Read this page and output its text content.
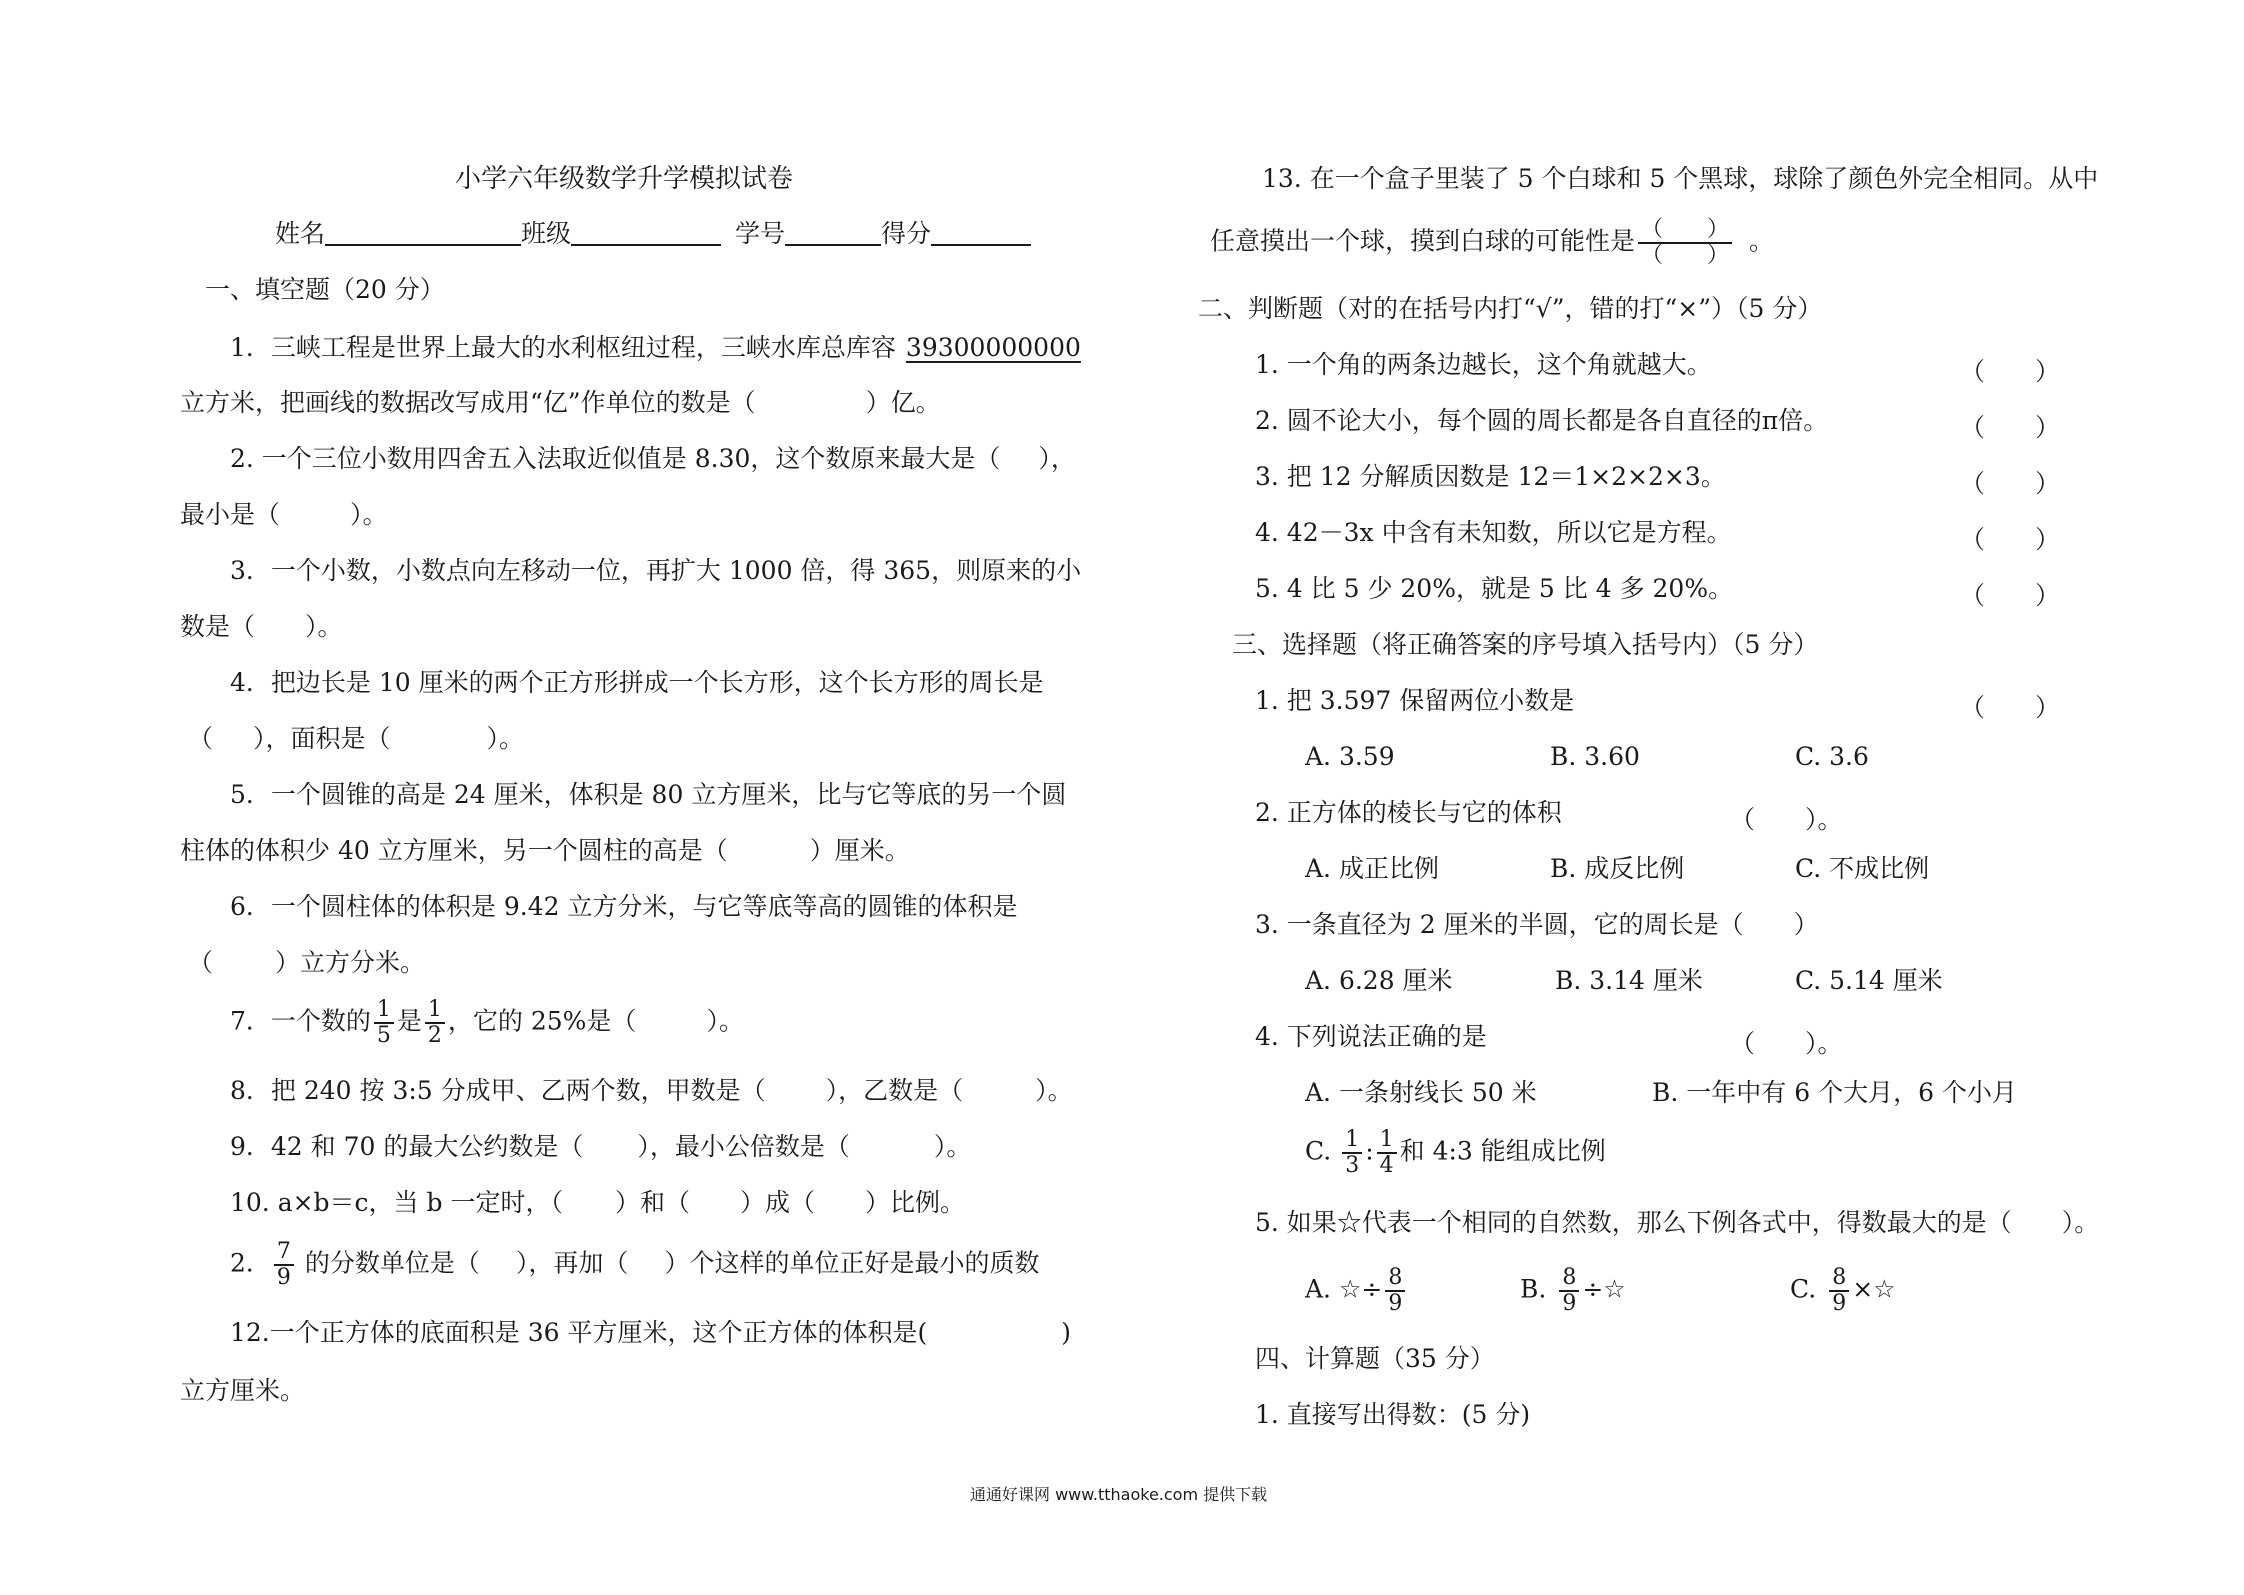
小学六年级数学升学模拟试卷
姓名	班级	学号	得分
一、填空题（20 分）
1．三峡工程是世界上最大的水利枢纽过程，三峡水库总库容 39300000000
立方米，把画线的数据改写成用“亿”作单位的数是（	）亿。
2. 一个三位小数用四舍五入法取近似值是 8.30，这个数原来最大是（ ），
最小是（	）。
3．一个小数，小数点向左移动一位，再扩大 1000 倍，得 365，则原来的小
数是（ ）。
4．把边长是 10 厘米的两个正方形拼成一个长方形，这个长方形的周长是
（ ），面积是（	）。
5．一个圆锥的高是 24 厘米，体积是 80 立方厘米，比与它等底的另一个圆
柱体的体积少 40 立方厘米，另一个圆柱的高是（	）厘米。
6．一个圆柱体的体积是 9.42 立方分米，与它等底等高的圆锥的体积是
（ ）立方分米。
7．一个数的 $\frac{1}{5}$ 是 $\frac{1}{2}$ ，它的 25%是（	）。
8．把 240 按 3:5 分成甲、乙两个数，甲数是（ ），乙数是（	）。
9．42 和 70 的最大公约数是（ ），最小公倍数是（	）。
10. a×b＝c，当 b 一定时，（ ）和（ ）成（ ）比例。
2． $\frac{7}{9}$ 的分数单位是（ ），再加（ ）个这样的单位正好是最小的质数
12.一个正方体的底面积是 36 平方厘米，这个正方体的体积是(	)
立方厘米。
13. 在一个盒子里装了 5 个白球和 5 个黑球，球除了颜色外完全相同。从中
任意摸出一个球，摸到白球的可能性是 $\frac{( )}{( )}$ 。
二、判断题（对的在括号内打“√”，错的打“×”）（5 分）
1. 一个角的两条边越长，这个角就越大。	（　　）
2. 圆不论大小，每个圆的周长都是各自直径的π倍。	（　　）
3. 把 12 分解质因数是 12＝1×2×2×3。	（　　）
4. 42－3x 中含有未知数，所以它是方程。	（　　）
5. 4 比 5 少 20%，就是 5 比 4 多 20%。	（　　）
三、选择题（将正确答案的序号填入括号内）（5 分）
1. 把 3.597 保留两位小数是	（　　）
A. 3.59	B. 3.60	C. 3.6
2. 正方体的棱长与它的体积	（　　）。
A. 成正比例	B. 成反比例	C. 不成比例
3. 一条直径为 2 厘米的半圆，它的周长是（　　）
A. 6.28 厘米	B. 3.14 厘米	C. 5.14 厘米
4. 下列说法正确的是	（　　）。
A. 一条射线长 50 米	B. 一年中有 6 个大月，6 个小月
C. $\frac{1}{3}$ : $\frac{1}{4}$ 和 4:3 能组成比例
5. 如果☆代表一个相同的自然数，那么下例各式中，得数最大的是（　　）。
A. ☆÷ $\frac{8}{9}$	B. $\frac{8}{9}$ ÷☆	C. $\frac{8}{9}$ ×☆
四、计算题（35 分）
1. 直接写出得数：(5 分)
通通好课网 www.tthaoke.com 提供下载
